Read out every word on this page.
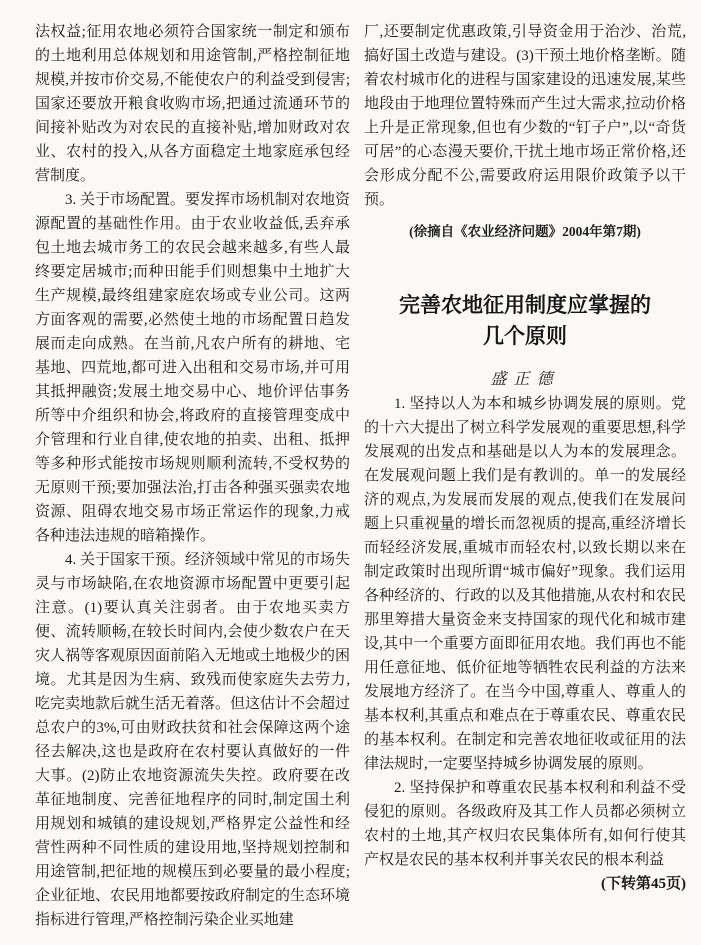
法权益;征用农地必须符合国家统一制定和颁布的土地利用总体规划和用途管制,严格控制征地规模,并按市价交易,不能使农户的利益受到侵害;国家还要放开粮食收购市场,把通过流通环节的间接补贴改为对农民的直接补贴,增加财政对农业、农村的投入,从各方面稳定土地家庭承包经营制度。

3. 关于市场配置。要发挥市场机制对农地资源配置的基础性作用。由于农业收益低,丢弃承包土地去城市务工的农民会越来越多,有些人最终要定居城市;而种田能手们则想集中土地扩大生产规模,最终组建家庭农场或专业公司。这两方面客观的需要,必然使土地的市场配置日趋发展而走向成熟。在当前,凡农户所有的耕地、宅基地、四荒地,都可进入出租和交易市场,并可用其抵押融资;发展土地交易中心、地价评估事务所等中介组织和协会,将政府的直接管理变成中介管理和行业自律,使农地的拍卖、出租、抵押等多种形式能按市场规则顺利流转,不受权势的无原则干预;要加强法治,打击各种强买强卖农地资源、阻碍农地交易市场正常运作的现象,力戒各种违法违规的暗箱操作。

4. 关于国家干预。经济领域中常见的市场失灵与市场缺陷,在农地资源市场配置中更要引起注意。(1)要认真关注弱者。由于农地买卖方便、流转顺畅,在较长时间内,会使少数农户在天灾人祸等客观原因面前陷入无地或土地极少的困境。尤其是因为生病、致残而使家庭失去劳力,吃完卖地款后就生活无着落。但这估计不会超过总农户的3%,可由财政扶贫和社会保障这两个途径去解决,这也是政府在农村要认真做好的一件大事。(2)防止农地资源流失失控。政府要在改革征地制度、完善征地程序的同时,制定国土利用规划和城镇的建设规划,严格界定公益性和经营性两种不同性质的建设用地,坚持规划控制和用途管制,把征地的规模压到必要量的最小程度;企业征地、农民用地都要按政府制定的生态环境指标进行管理,严格控制污染企业买地建

厂,还要制定优惠政策,引导资金用于治沙、治荒,搞好国土改造与建设。(3)干预土地价格垄断。随着农村城市化的进程与国家建设的迅速发展,某些地段由于地理位置特殊而产生过大需求,拉动价格上升是正常现象,但也有少数的“钉子户”,以“奇货可居”的心态漫天要价,干扰土地市场正常价格,还会形成分配不公,需要政府运用限价政策予以干预。

(徐摘自《农业经济问题》2004年第7期)
完善农地征用制度应掌握的
几个原则
盛正德

1. 坚持以人为本和城乡协调发展的原则。党的十六大提出了树立科学发展观的重要思想,科学发展观的出发点和基础是以人为本的发展理念。在发展观问题上我们是有教训的。单一的发展经济的观点,为发展而发展的观点,使我们在发展问题上只重视量的增长而忽视质的提高,重经济增长而轻经济发展,重城市而轻农村,以致长期以来在制定政策时出现所谓“城市偏好”现象。我们运用各种经济的、行政的以及其他措施,从农村和农民那里筹措大量资金来支持国家的现代化和城市建设,其中一个重要方面即征用农地。我们再也不能用任意征地、低价征地等牺牲农民利益的方法来发展地方经济了。在当今中国,尊重人、尊重人的基本权利,其重点和难点在于尊重农民、尊重农民的基本权利。在制定和完善农地征收或征用的法律法规时,一定要坚持城乡协调发展的原则。

2. 坚持保护和尊重农民基本权利和利益不受侵犯的原则。各级政府及其工作人员都必须树立农村的土地,其产权归农民集体所有,如何行使其产权是农民的基本权利并事关农民的根本利益

(下转第45页)
